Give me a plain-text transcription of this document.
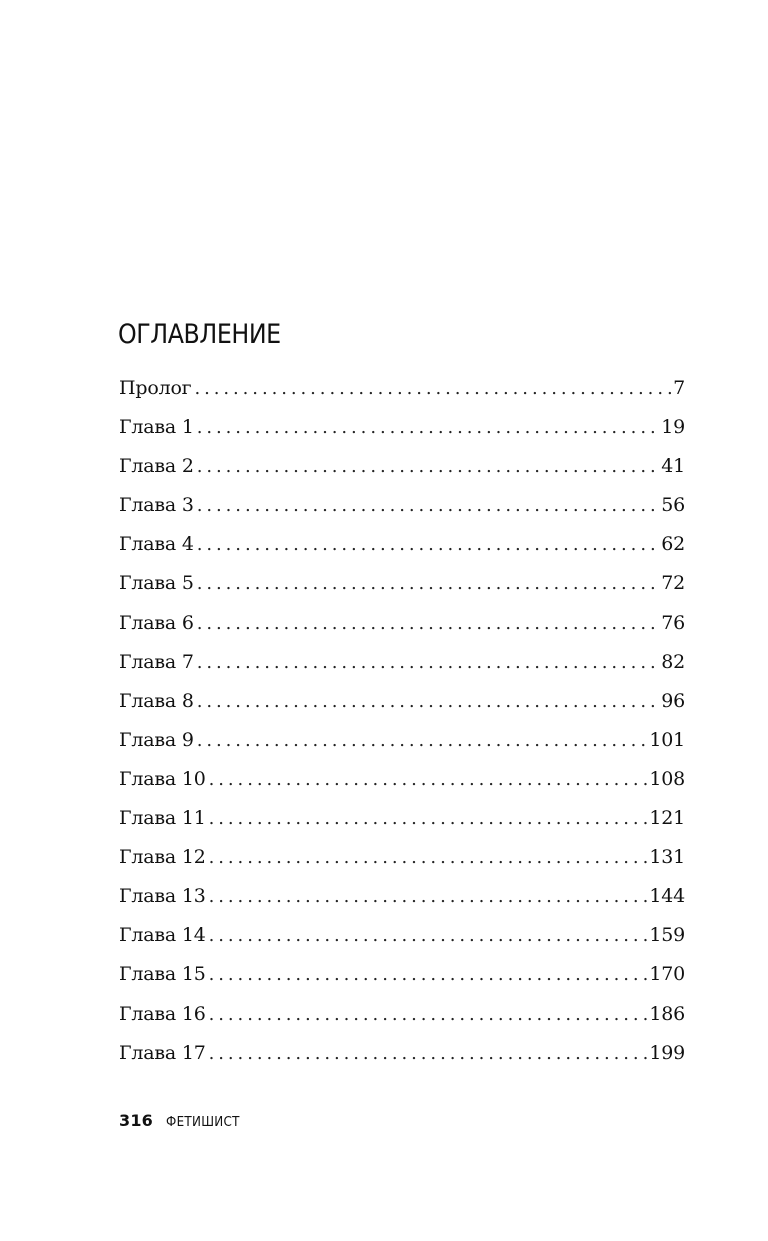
ОГЛАВЛЕНИЕ
Пролог . . .	7
Глава 1 . . .	19
Глава 2 . . .	41
Глава 3 . . .	56
Глава 4 . . .	62
Глава 5 . . .	72
Глава 6 . . .	76
Глава 7 . . .	82
Глава 8 . . .	96
Глава 9 . . .	101
Глава 10 . . .	108
Глава 11 . . .	121
Глава 12 . . .	131
Глава 13 . . .	144
Глава 14 . . .	159
Глава 15 . . .	170
Глава 16 . . .	186
Глава 17 . . .	199
316 ФЕТИШИСТ
